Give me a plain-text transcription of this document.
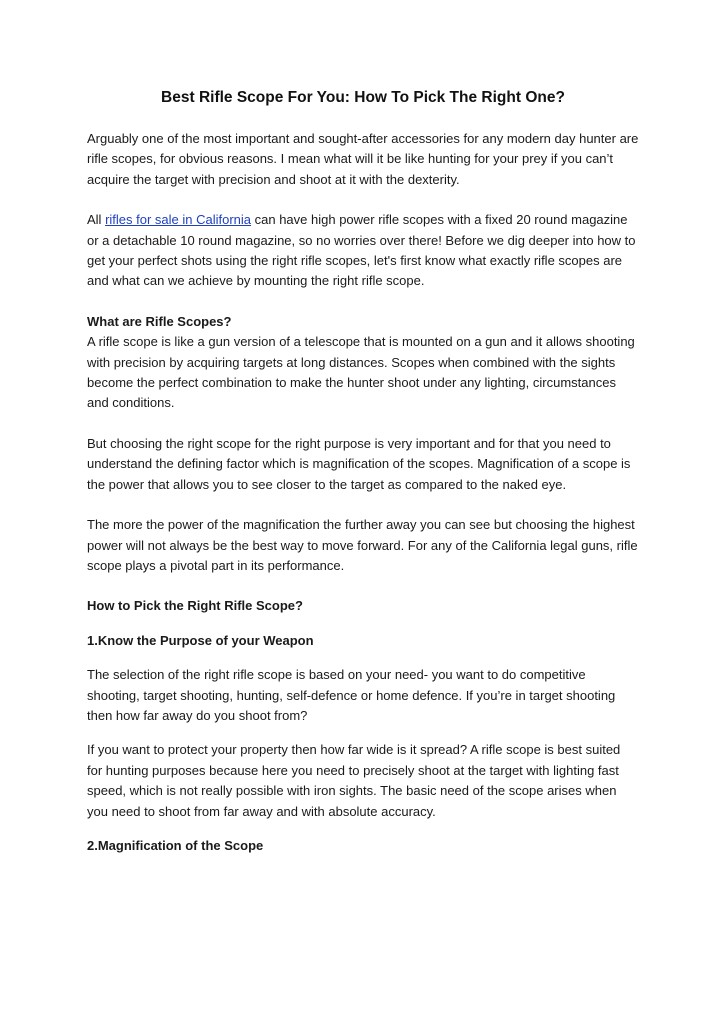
Best Rifle Scope For You: How To Pick The Right One?

Arguably one of the most important and sought-after accessories for any modern day hunter are rifle scopes, for obvious reasons. I mean what will it be like hunting for your prey if you can’t acquire the target with precision and shoot at it with the dexterity.

All rifles for sale in California can have high power rifle scopes with a fixed 20 round magazine or a detachable 10 round magazine, so no worries over there! Before we dig deeper into how to get your perfect shots using the right rifle scopes, let's first know what exactly rifle scopes are and what can we achieve by mounting the right rifle scope.

What are Rifle Scopes?

A rifle scope is like a gun version of a telescope that is mounted on a gun and it allows shooting with precision by acquiring targets at long distances. Scopes when combined with the sights become the perfect combination to make the hunter shoot under any lighting, circumstances and conditions.

But choosing the right scope for the right purpose is very important and for that you need to understand the defining factor which is magnification of the scopes. Magnification of a scope is the power that allows you to see closer to the target as compared to the naked eye.

The more the power of the magnification the further away you can see but choosing the highest power will not always be the best way to move forward. For any of the California legal guns, rifle scope plays a pivotal part in its performance.

How to Pick the Right Rifle Scope?

1.Know the Purpose of your Weapon

The selection of the right rifle scope is based on your need- you want to do competitive shooting, target shooting, hunting, self-defence or home defence. If you’re in target shooting then how far away do you shoot from?

If you want to protect your property then how far wide is it spread? A rifle scope is best suited for hunting purposes because here you need to precisely shoot at the target with lighting fast speed, which is not really possible with iron sights. The basic need of the scope arises when you need to shoot from far away and with absolute accuracy.

2.Magnification of the Scope
